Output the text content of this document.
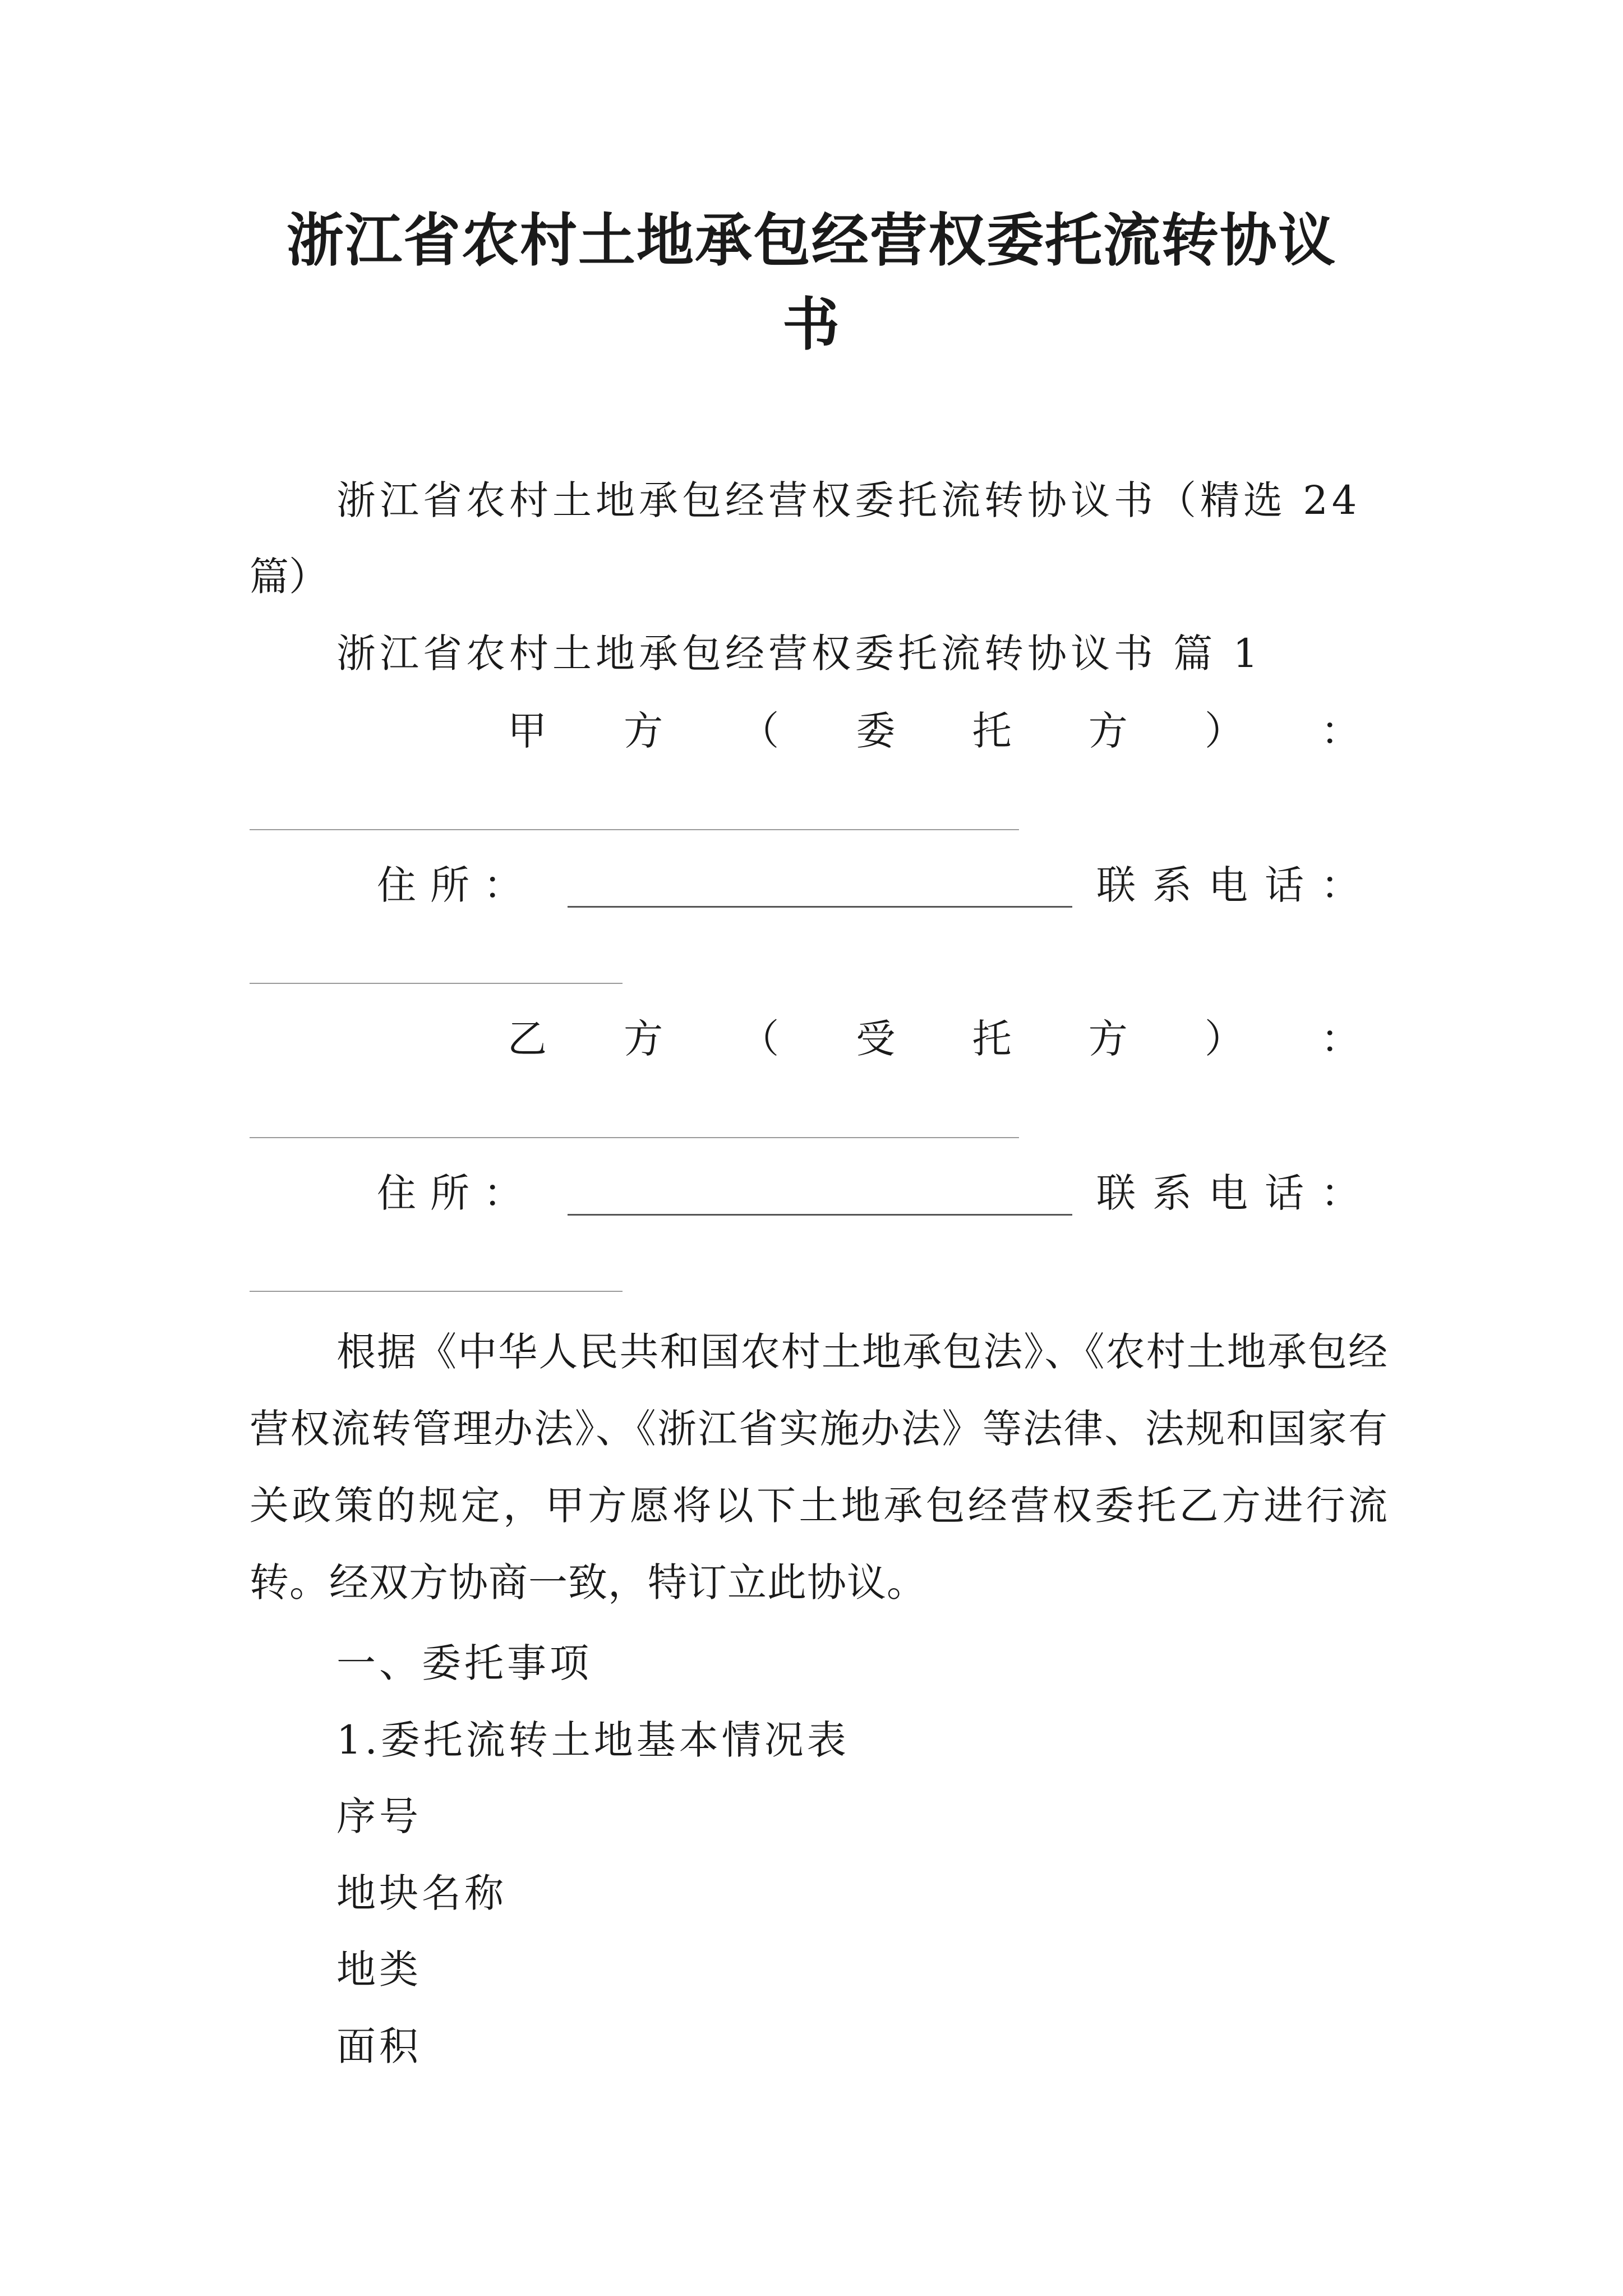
浙江省农村土地承包经营权委托流转协议
书
浙江省农村土地承包经营权委托流转协议书（精选 24
篇）
浙江省农村土地承包经营权委托流转协议书 篇 1
甲 方 （ 委 托 方 ） ：
住 所 ：	联 系 电 话 ：
乙 方 （ 受 托 方 ） ：
住 所 ：	联 系 电 话 ：
根据《中华人民共和国农村土地承包法》、《农村土地承包经营权流转管理办法》、《浙江省实施办法》等法律、法规和国家有关政策的规定，甲方愿将以下土地承包经营权委托乙方进行流转。经双方协商一致，特订立此协议。
一、委托事项
1.委托流转土地基本情况表
序号
地块名称
地类
面积
